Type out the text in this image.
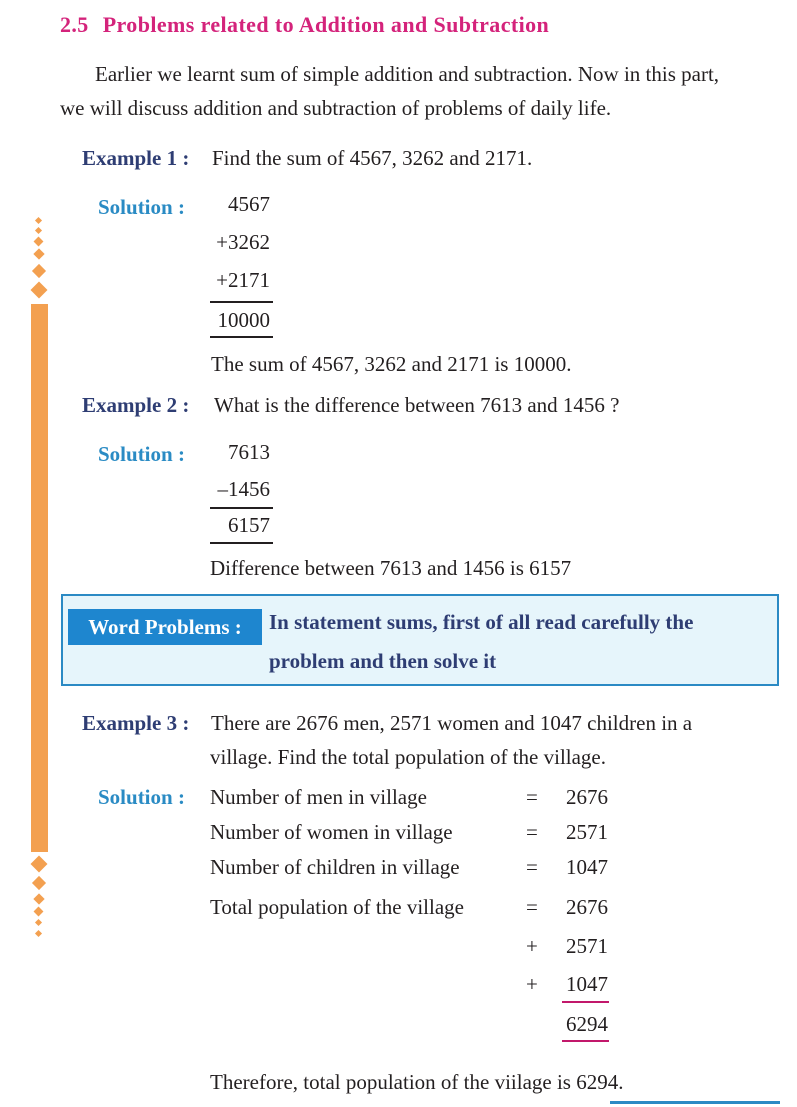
2.5 Problems related to Addition and Subtraction
Earlier we learnt sum of simple addition and subtraction. Now in this part,
we will discuss addition and subtraction of problems of daily life.
Example 1 : Find the sum of 4567, 3262 and 2171.
Solution :	4567
+3262
+2171
10000
The sum of 4567, 3262 and 2171 is 10000.
Example 2 : What is the difference between 7613 and 1456 ?
Solution :	7613
–1456
6157
Difference between 7613 and 1456 is 6157
Word Problems :	In statement sums, first of all read carefully the
problem and then solve it
Example 3 : There are 2676 men, 2571 women and 1047 children in a
village. Find the total population of the village.
Solution : Number of men in village	=	2676
Number of women in village	=	2571
Number of children in village	=	1047
Total population of the village	=	2676
+	2571
+	1047
6294
Therefore, total population of the viilage is 6294.
